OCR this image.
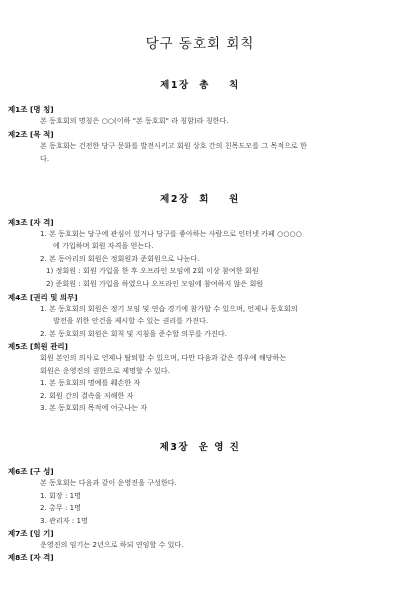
당구 동호회 회칙
제1장  총    칙
제1조 [명 칭]
본 동호회의 명칭은 ○○(이하 "본 동호회" 라 칭함)라 칭한다.
제2조 [목 적]
본 동호회는 건전한 당구 문화를 발전시키고 회원 상호 간의 친목도모를 그 목적으로 한
다.
제2장  회    원
제3조 [자 격]
1. 본 동호회는 당구에 관심이 있거나 당구를 좋아하는 사람으로 인터넷 카페 ○○○○
에 가입하며 회원 자격을 얻는다.
2. 본 동아리의 회원은 정회원과 준회원으로 나눈다.
1) 정회원 : 회원 가입을 한 후 오프라인 모임에 2회 이상 참여한 회원
2) 준회원 : 회원 가입을 하였으나 오프라인 모임에 참여하지 않은 회원
제4조 [권리 및 의무]
1. 본 동호회의 회원은 정기 모임 및 연습 경기에 참가할 수 있으며, 언제나 동호회의
발전을 위한 안건을 제시할 수 있는 권리를 가진다.
2. 본 동호회의 회원은 회칙 및 지침을 준수할 의무를 가진다.
제5조 [회원 관리]
회원 본인의 의사로 언제나 탈퇴할 수 있으며, 다만 다음과 같은 경우에 해당하는
회원은 운영진의 권한으로 제명할 수 있다.
1. 본 동호회의 명예를 훼손한 자
2. 회원 간의 결속을 저해한 자
3. 본 동호회의 목적에 어긋나는 자
제3장  운 영 진
제6조 [구 성]
본 동호회는 다음과 같이 운영진을 구성한다.
1. 회장 : 1명
2. 총무 : 1명
3. 관리자 : 1명
제7조 [임 기]
운영진의 임기는 2년으로 하되 연임할 수 있다.
제8조 [자 격]
